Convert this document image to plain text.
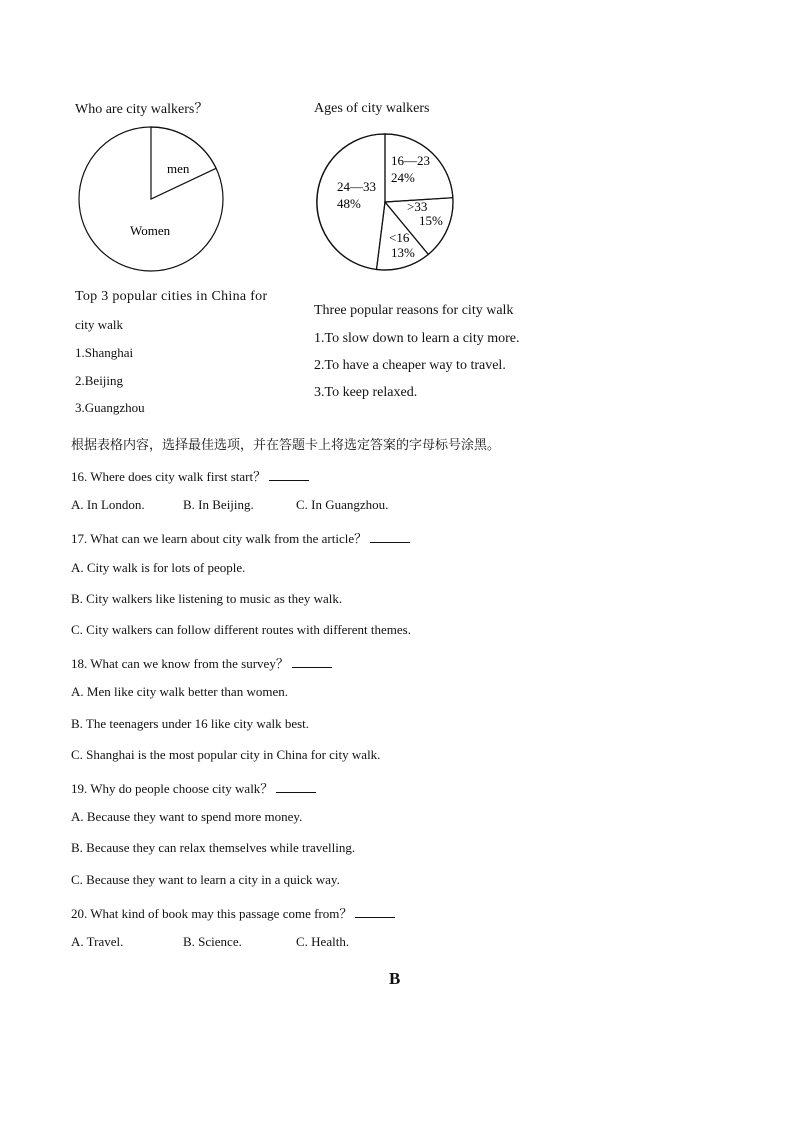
Who are city walkers？	Ages of city walkers
men
Women
16—23
24%
>33
15%
<16
13%
24—33
48%
Top 3 popular cities in China for
city walk
1.Shanghai
2.Beijing
3.Guangzhou
Three popular reasons for city walk
1.To slow down to learn a city more.
2.To have a cheaper way to travel.
3.To keep relaxed.
根据表格内容，选择最佳选项，并在答题卡上将选定答案的字母标号涂黑。
16. Where does city walk first start？
A. In London.	B. In Beijing.	C. In Guangzhou.
17. What can we learn about city walk from the article？
A. City walk is for lots of people.
B. City walkers like listening to music as they walk.
C. City walkers can follow different routes with different themes.
18. What can we know from the survey？
A. Men like city walk better than women.
B. The teenagers under 16 like city walk best.
C. Shanghai is the most popular city in China for city walk.
19. Why do people choose city walk？
A. Because they want to spend more money.
B. Because they can relax themselves while travelling.
C. Because they want to learn a city in a quick way.
20. What kind of book may this passage come from？
A. Travel.	B. Science.	C. Health.
B
